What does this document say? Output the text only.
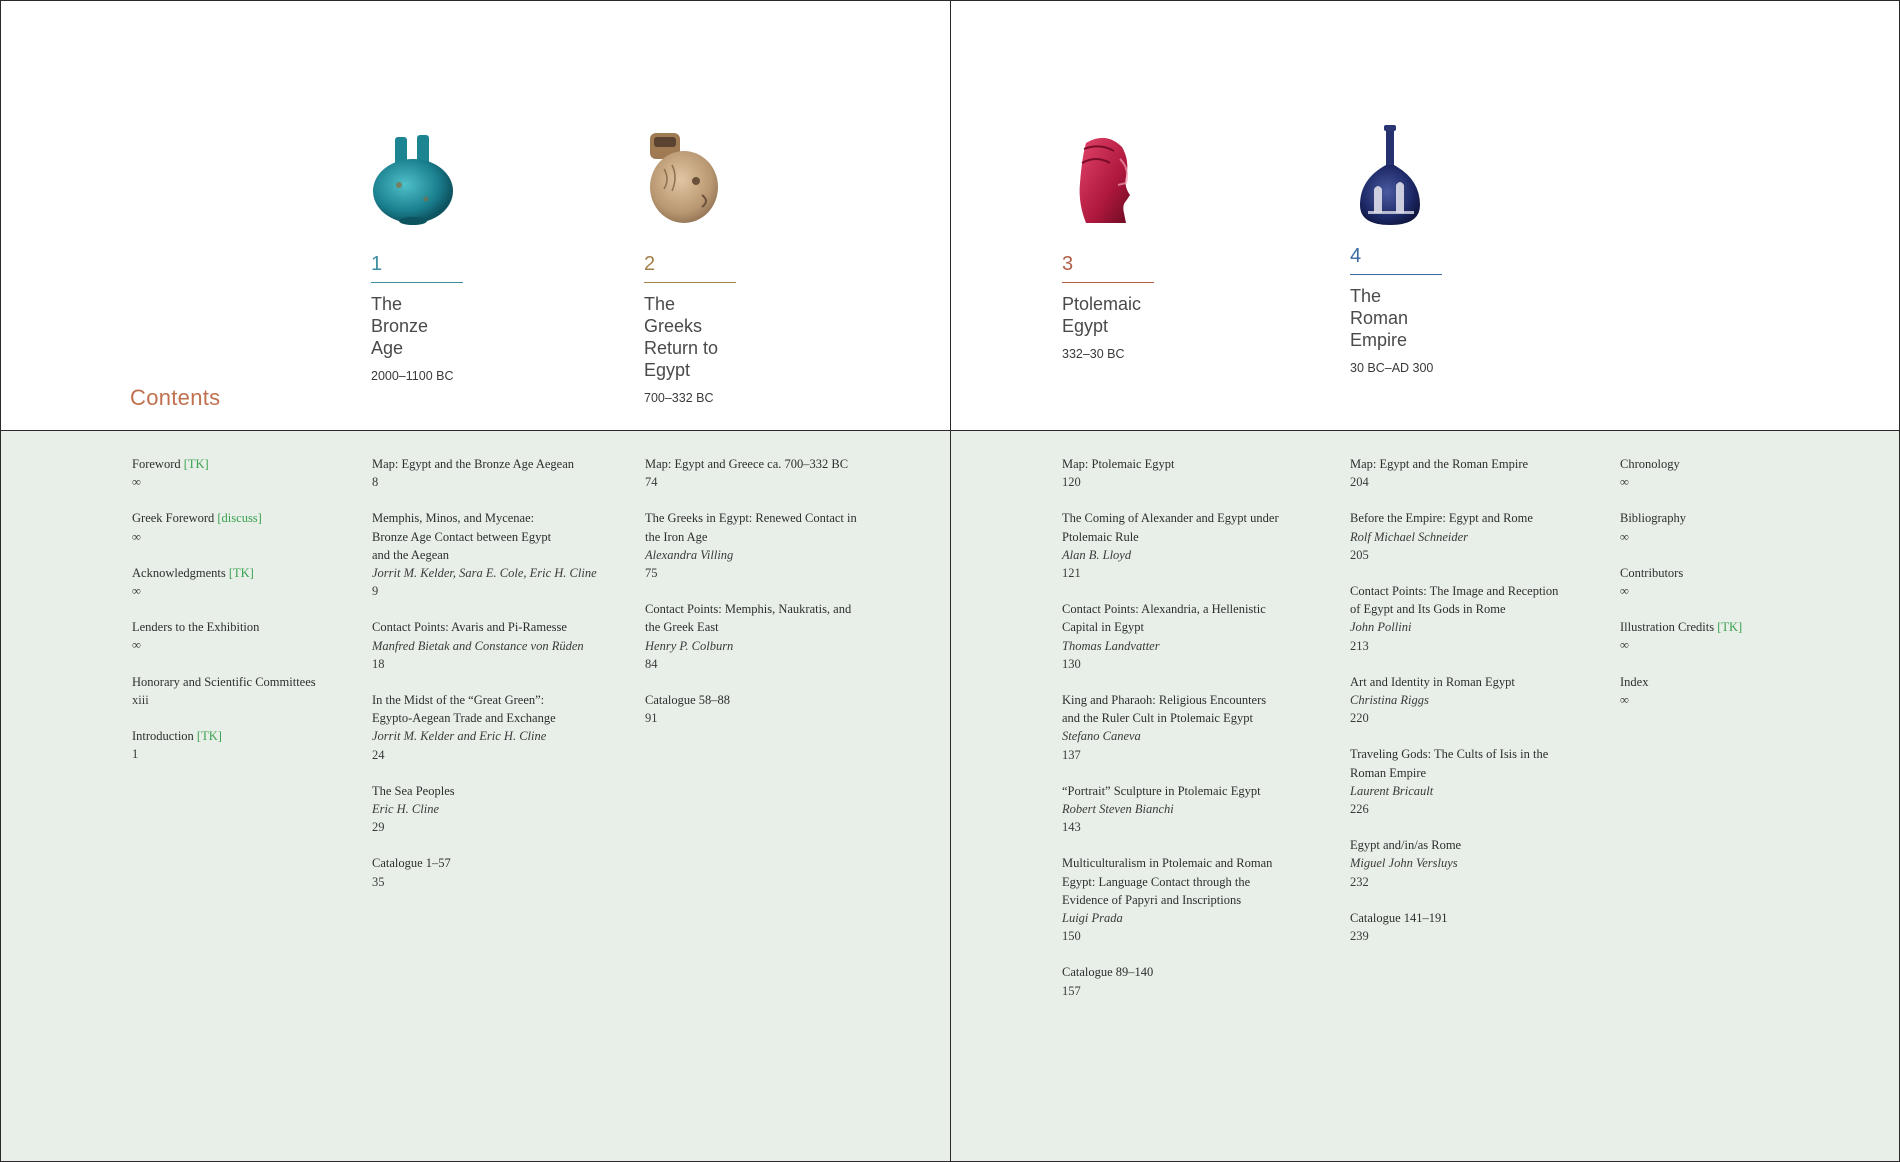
Contents
1
The
Bronze
Age
2000–1100 BC
2
The
Greeks
Return to
Egypt
700–332 BC
Foreword [TK]
∞
Greek Foreword [discuss]
∞
Acknowledgments [TK]
∞
Lenders to the Exhibition
∞
Honorary and Scientific Committees
xiii
Introduction [TK]
1
Map: Egypt and the Bronze Age Aegean
8
Memphis, Minos, and Mycenae:
Bronze Age Contact between Egypt
and the Aegean
Jorrit M. Kelder, Sara E. Cole, Eric H. Cline
9
Contact Points: Avaris and Pi-Ramesse
Manfred Bietak and Constance von Rüden
18
In the Midst of the “Great Green”:
Egypto-Aegean Trade and Exchange
Jorrit M. Kelder and Eric H. Cline
24
The Sea Peoples
Eric H. Cline
29
Catalogue 1–57
35
Map: Egypt and Greece ca. 700–332 BC
74
The Greeks in Egypt: Renewed Contact in
the Iron Age
Alexandra Villing
75
Contact Points: Memphis, Naukratis, and
the Greek East
Henry P. Colburn
84
Catalogue 58–88
91
3
Ptolemaic
Egypt
332–30 BC
4
The
Roman
Empire
30 BC–AD 300
Map: Ptolemaic Egypt
120
The Coming of Alexander and Egypt under
Ptolemaic Rule
Alan B. Lloyd
121
Contact Points: Alexandria, a Hellenistic
Capital in Egypt
Thomas Landvatter
130
King and Pharaoh: Religious Encounters
and the Ruler Cult in Ptolemaic Egypt
Stefano Caneva
137
“Portrait” Sculpture in Ptolemaic Egypt
Robert Steven Bianchi
143
Multiculturalism in Ptolemaic and Roman
Egypt: Language Contact through the
Evidence of Papyri and Inscriptions
Luigi Prada
150
Catalogue 89–140
157
Map: Egypt and the Roman Empire
204
Before the Empire: Egypt and Rome
Rolf Michael Schneider
205
Contact Points: The Image and Reception
of Egypt and Its Gods in Rome
John Pollini
213
Art and Identity in Roman Egypt
Christina Riggs
220
Traveling Gods: The Cults of Isis in the
Roman Empire
Laurent Bricault
226
Egypt and/in/as Rome
Miguel John Versluys
232
Catalogue 141–191
239
Chronology
∞
Bibliography
∞
Contributors
∞
Illustration Credits [TK]
∞
Index
∞
